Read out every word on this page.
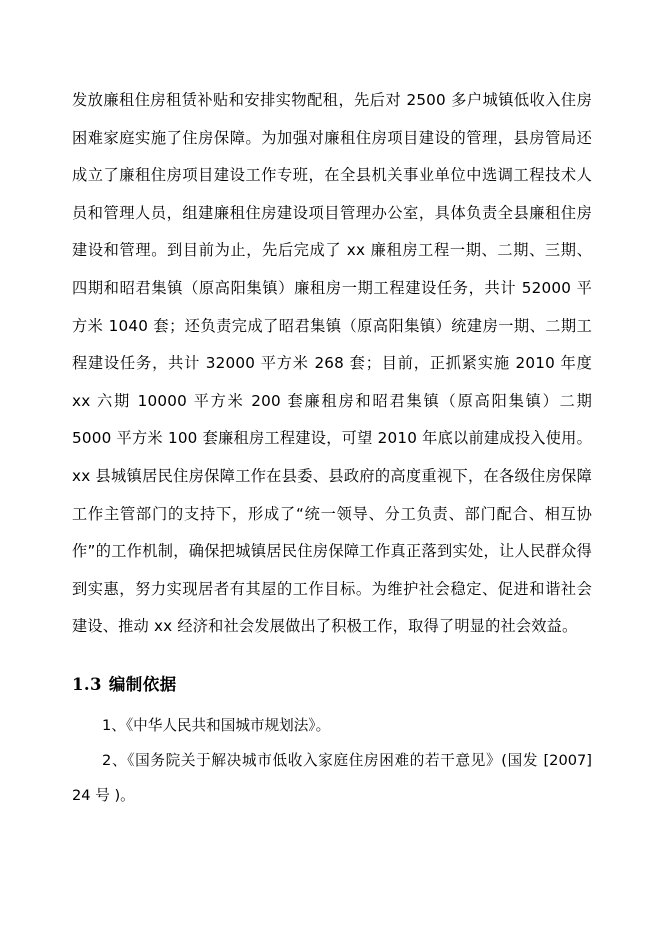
发放廉租住房租赁补贴和安排实物配租，先后对 2500 多户城镇低收入住房困难家庭实施了住房保障。为加强对廉租住房项目建设的管理，县房管局还成立了廉租住房项目建设工作专班，在全县机关事业单位中选调工程技术人员和管理人员，组建廉租住房建设项目管理办公室，具体负责全县廉租住房建设和管理。到目前为止，先后完成了 xx 廉租房工程一期、二期、三期、四期和昭君集镇（原高阳集镇）廉租房一期工程建设任务，共计 52000 平方米 1040 套；还负责完成了昭君集镇（原高阳集镇）统建房一期、二期工程建设任务，共计 32000 平方米 268 套；目前，正抓紧实施 2010 年度 xx 六期 10000 平方米 200 套廉租房和昭君集镇（原高阳集镇）二期 5000 平方米 100 套廉租房工程建设，可望 2010 年底以前建成投入使用。xx 县城镇居民住房保障工作在县委、县政府的高度重视下，在各级住房保障工作主管部门的支持下，形成了“统一领导、分工负责、部门配合、相互协作”的工作机制，确保把城镇居民住房保障工作真正落到实处，让人民群众得到实惠，努力实现居者有其屋的工作目标。为维护社会稳定、促进和谐社会建设、推动 xx 经济和社会发展做出了积极工作，取得了明显的社会效益。

1.3 编制依据

1、《中华人民共和国城市规划法》。

2、《国务院关于解决城市低收入家庭住房困难的若干意见》(国发 [2007] 24 号 )。
